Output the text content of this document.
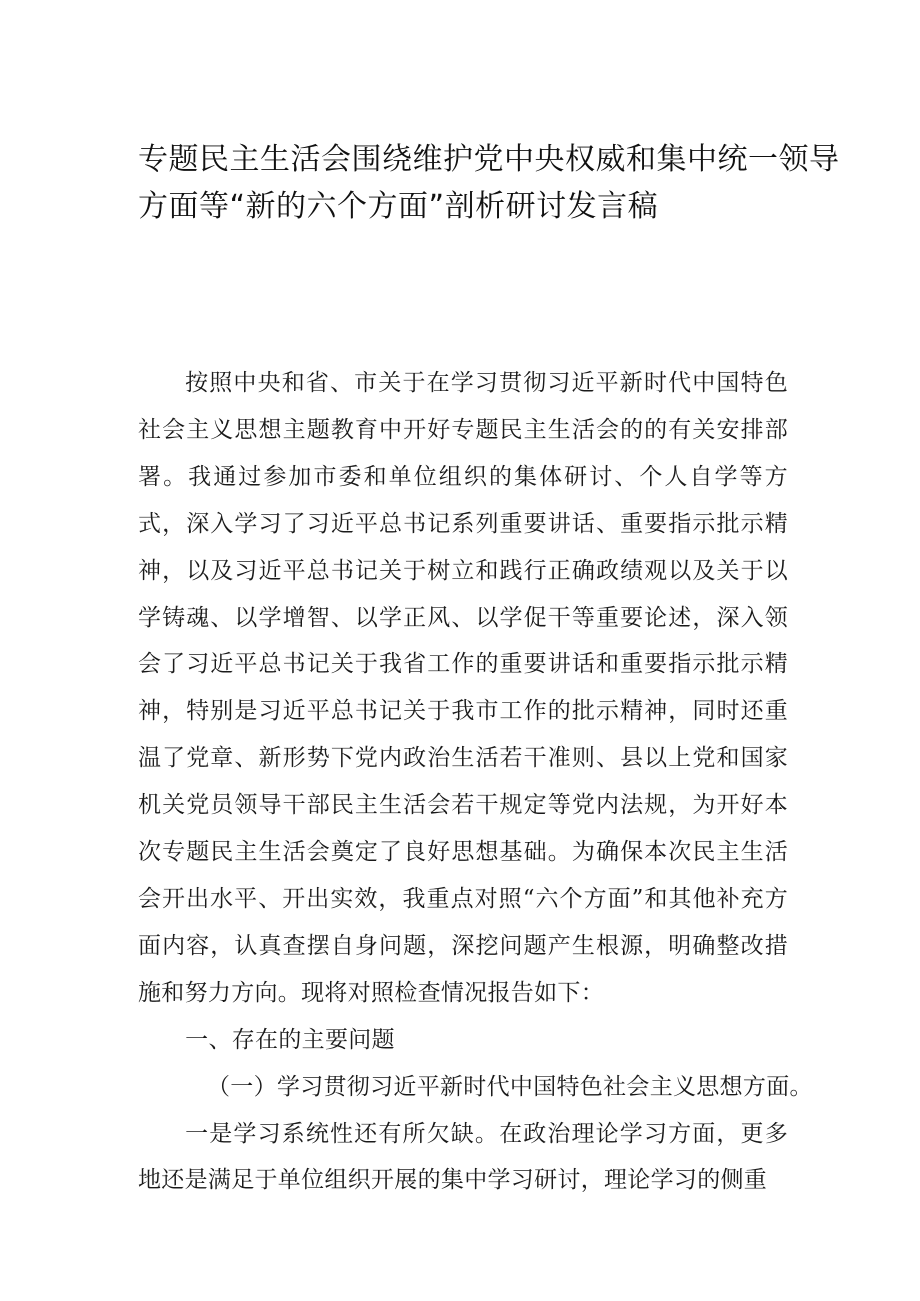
专题民主生活会围绕维护党中央权威和集中统一领导
方面等“新的六个方面”剖析研讨发言稿

按照中央和省、市关于在学习贯彻习近平新时代中国特色社会主义思想主题教育中开好专题民主生活会的的有关安排部署。我通过参加市委和单位组织的集体研讨、个人自学等方式，深入学习了习近平总书记系列重要讲话、重要指示批示精神，以及习近平总书记关于树立和践行正确政绩观以及关于以学铸魂、以学增智、以学正风、以学促干等重要论述，深入领会了习近平总书记关于我省工作的重要讲话和重要指示批示精神，特别是习近平总书记关于我市工作的批示精神，同时还重温了党章、新形势下党内政治生活若干准则、县以上党和国家机关党员领导干部民主生活会若干规定等党内法规，为开好本次专题民主生活会奠定了良好思想基础。为确保本次民主生活会开出水平、开出实效，我重点对照“六个方面”和其他补充方面内容，认真查摆自身问题，深挖问题产生根源，明确整改措施和努力方向。现将对照检查情况报告如下：

一、存在的主要问题

（一）学习贯彻习近平新时代中国特色社会主义思想方面。

一是学习系统性还有所欠缺。在政治理论学习方面，更多地还是满足于单位组织开展的集中学习研讨，理论学习的侧重
